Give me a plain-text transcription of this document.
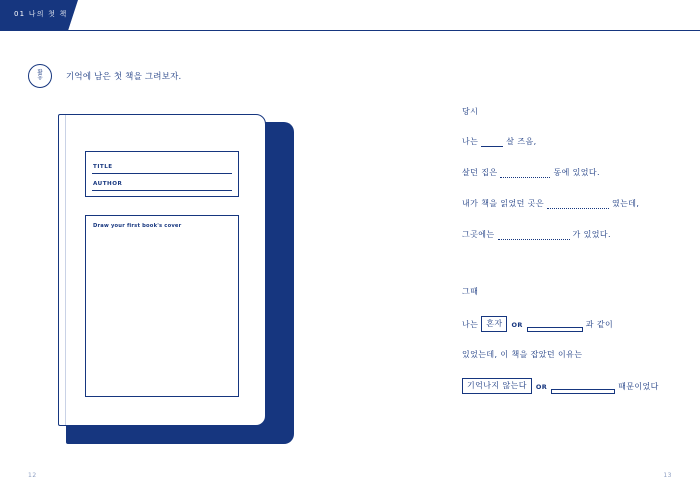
01 나의 첫 책
활
동	기억에 남은 첫 책을 그려보자.
TITLE
AUTHOR
Draw your first book's cover
당시
나는	살 즈음,
살던 집은	동에 있었다.
내가 책을 읽었던 곳은	였는데,
그곳에는	가 있었다.
그때
나는
혼자	OR
	과 같이
있었는데, 이 책을 잡았던 이유는
기억나지 않는다	OR
	때문이었다
12	13
